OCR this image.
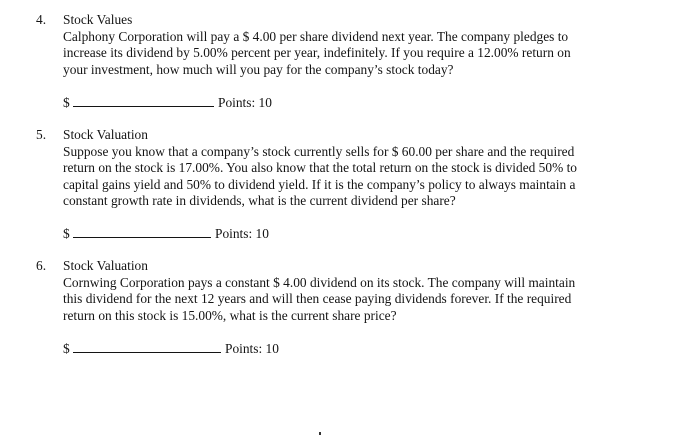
4. Stock Values
Calphony Corporation will pay a $ 4.00 per share dividend next year. The company pledges to
increase its dividend by 5.00% percent per year, indefinitely. If you require a 12.00% return on
your investment, how much will you pay for the company’s stock today?
$	Points: 10
5. Stock Valuation
Suppose you know that a company’s stock currently sells for $ 60.00 per share and the required
return on the stock is 17.00%. You also know that the total return on the stock is divided 50% to
capital gains yield and 50% to dividend yield. If it is the company’s policy to always maintain a
constant growth rate in dividends, what is the current dividend per share?
$	Points: 10
6. Stock Valuation
Cornwing Corporation pays a constant $ 4.00 dividend on its stock. The company will maintain
this dividend for the next 12 years and will then cease paying dividends forever. If the required
return on this stock is 15.00%, what is the current share price?
$	Points: 10
